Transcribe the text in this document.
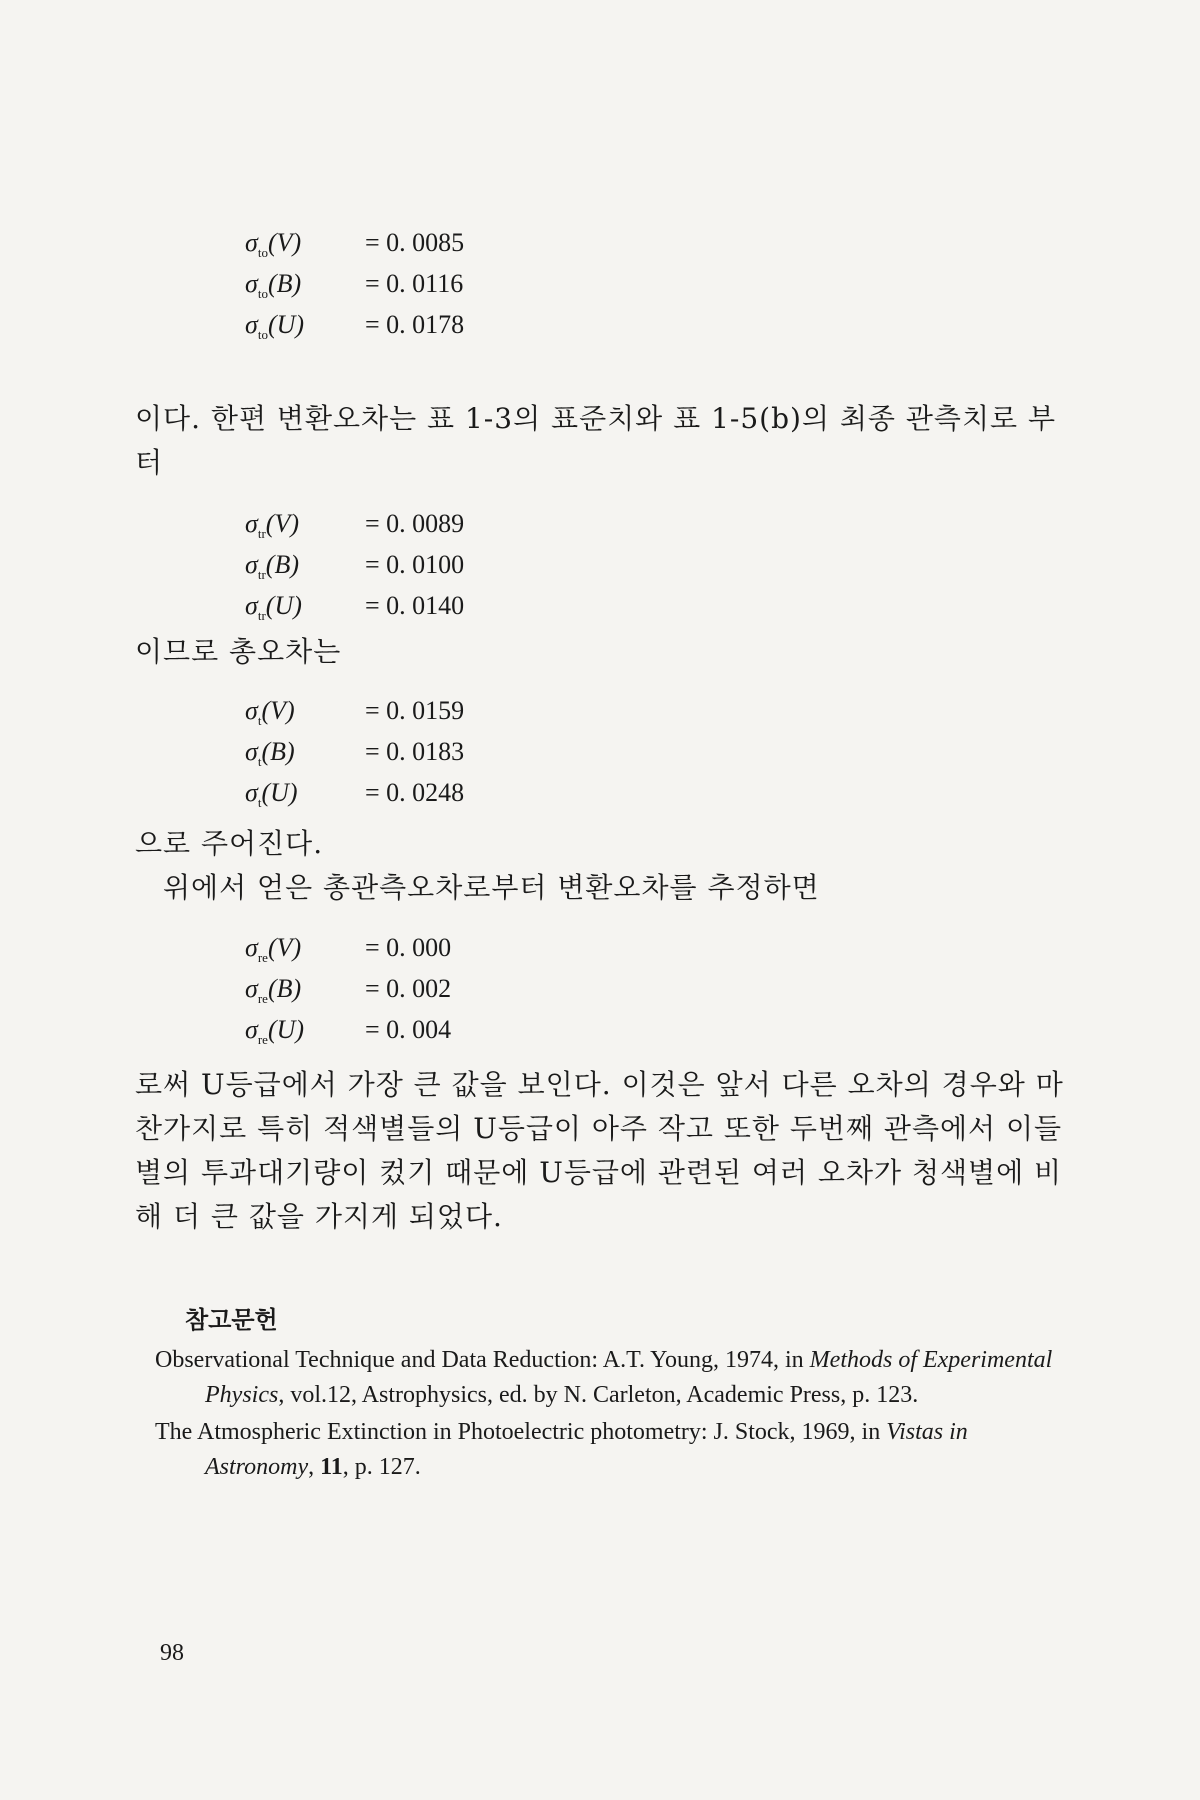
$\sigma_{to}(V) = 0$. 0085
$\sigma_{to}(B) = 0$. 0116
$\sigma_{to}(U) = 0$. 0178
이다. 한편 변환오차는 표 1-3의 표준치와 표 1-5(b)의 최종 관측치로 부터
$\sigma_{tr}(V)$	= 0. 0089
$\sigma_{tr}(B)$	= 0. 0100
$\sigma_{tr}(U) = 0$. 0140
이므로 총오차는
$\sigma_t(V)$	= 0. 0159
$\sigma_t(B)$	= 0. 0183
$\sigma_t(U)$	= 0. 0248
으로 주어진다.
위에서 얻은 총관측오차로부터 변환오차를 추정하면
$\sigma_{re}(V) = 0$. 000
$\sigma_{re}(B) = 0$. 002
$\sigma_{re}(U) = 0$. 004
로써 U등급에서 가장 큰 값을 보인다. 이것은 앞서 다른 오차의 경우와 마찬가지로 특히 적색별들의 U등급이 아주 작고 또한 두번째 관측에서 이들 별의 투과대기량이 컸기 때문에 U등급에 관련된 여러 오차가 청색별에 비해 더 큰 값을 가지게 되었다.
참고문헌
Observational Technique and Data Reduction: A.T. Young, 1974, in Methods of Experimental Physics, vol.12, Astrophysics, ed. by N. Carleton, Academic Press, p. 123.
The Atmospheric Extinction in Photoelectric photometry: J. Stock, 1969, in Vistas in Astronomy, 11, p. 127.
98
